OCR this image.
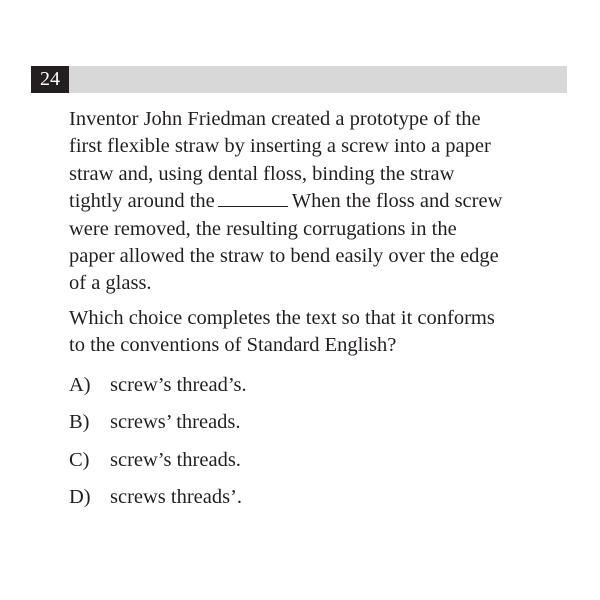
24

Inventor John Friedman created a prototype of the
first flexible straw by inserting a screw into a paper
straw and, using dental floss, binding the straw
tightly around the	When the floss and screw
were removed, the resulting corrugations in the
paper allowed the straw to bend easily over the edge
of a glass.

Which choice completes the text so that it conforms
to the conventions of Standard English?
A) screw’s thread’s.
B)	screws’ threads.
C)	screw’s threads.
D) screws threads’.
